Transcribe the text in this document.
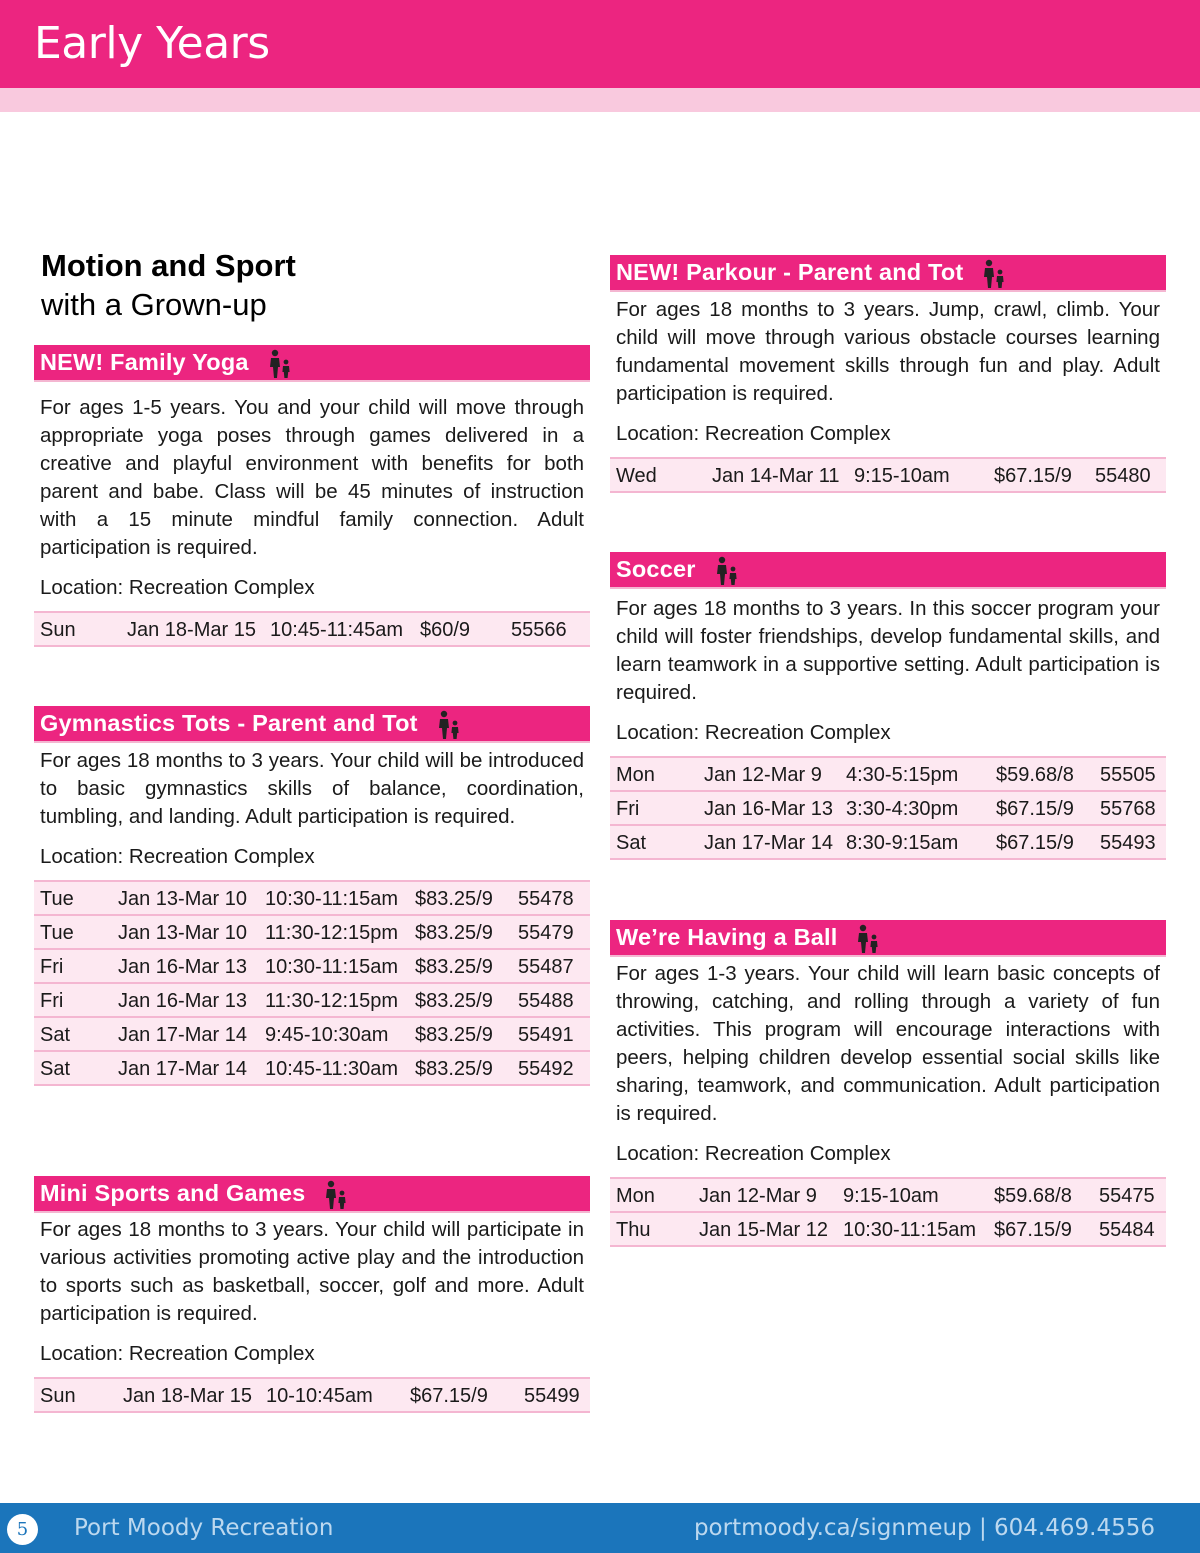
Early Years
Motion and Sport
with a Grown-up
NEW! Family Yoga
For ages 1-5 years. You and your child will move through appropriate yoga poses through games delivered in a creative and playful environment with benefits for both parent and babe. Class will be 45 minutes of instruction with a 15 minute mindful family connection. Adult participation is required.
Location: Recreation Complex
Sun	Jan 18-Mar 15 10:45-11:45am $60/9 55566
Gymnastics Tots - Parent and Tot
For ages 18 months to 3 years. Your child will be introduced to basic gymnastics skills of balance, coordination, tumbling, and landing. Adult participation is required.
Location: Recreation Complex
Tue Jan 13-Mar 10 10:30-11:15am $83.25/9 55478
Tue Jan 13-Mar 10 11:30-12:15pm $83.25/9 55479
Fri	Jan 16-Mar 13 10:30-11:15am $83.25/9 55487
Fri	Jan 16-Mar 13 11:30-12:15pm $83.25/9 55488
Sat Jan 17-Mar 14 9:45-10:30am $83.25/9 55491
Sat Jan 17-Mar 14 10:45-11:30am $83.25/9 55492
Mini Sports and Games
For ages 18 months to 3 years. Your child will participate in various activities promoting active play and the introduction to sports such as basketball, soccer, golf and more. Adult participation is required.
Location: Recreation Complex
Sun Jan 18-Mar 15 10-10:45am $67.15/9 55499
NEW! Parkour - Parent and Tot
For ages 18 months to 3 years. Jump, crawl, climb. Your child will move through various obstacle courses learning fundamental movement skills through fun and play. Adult participation is required.
Location: Recreation Complex
Wed	Jan 14-Mar 11 9:15-10am $67.15/9 55480
Soccer
For ages 18 months to 3 years. In this soccer program your child will foster friendships, develop fundamental skills, and learn teamwork in a supportive setting. Adult participation is required.
Location: Recreation Complex
Mon Jan 12-Mar 9 4:30-5:15pm $59.68/8 55505
Fri	Jan 16-Mar 13 3:30-4:30pm $67.15/9 55768
Sat	Jan 17-Mar 14 8:30-9:15am $67.15/9 55493
We’re Having a Ball
For ages 1-3 years. Your child will learn basic concepts of throwing, catching, and rolling through a variety of fun activities. This program will encourage interactions with peers, helping children develop essential social skills like sharing, teamwork, and communication. Adult participation is required.
Location: Recreation Complex
Mon Jan 12-Mar 9 9:15-10am	$59.68/8 55475
Thu Jan 15-Mar 12 10:30-11:15am $67.15/9 55484
5	Port Moody Recreation	portmoody.ca/signmeup | 604.469.4556
